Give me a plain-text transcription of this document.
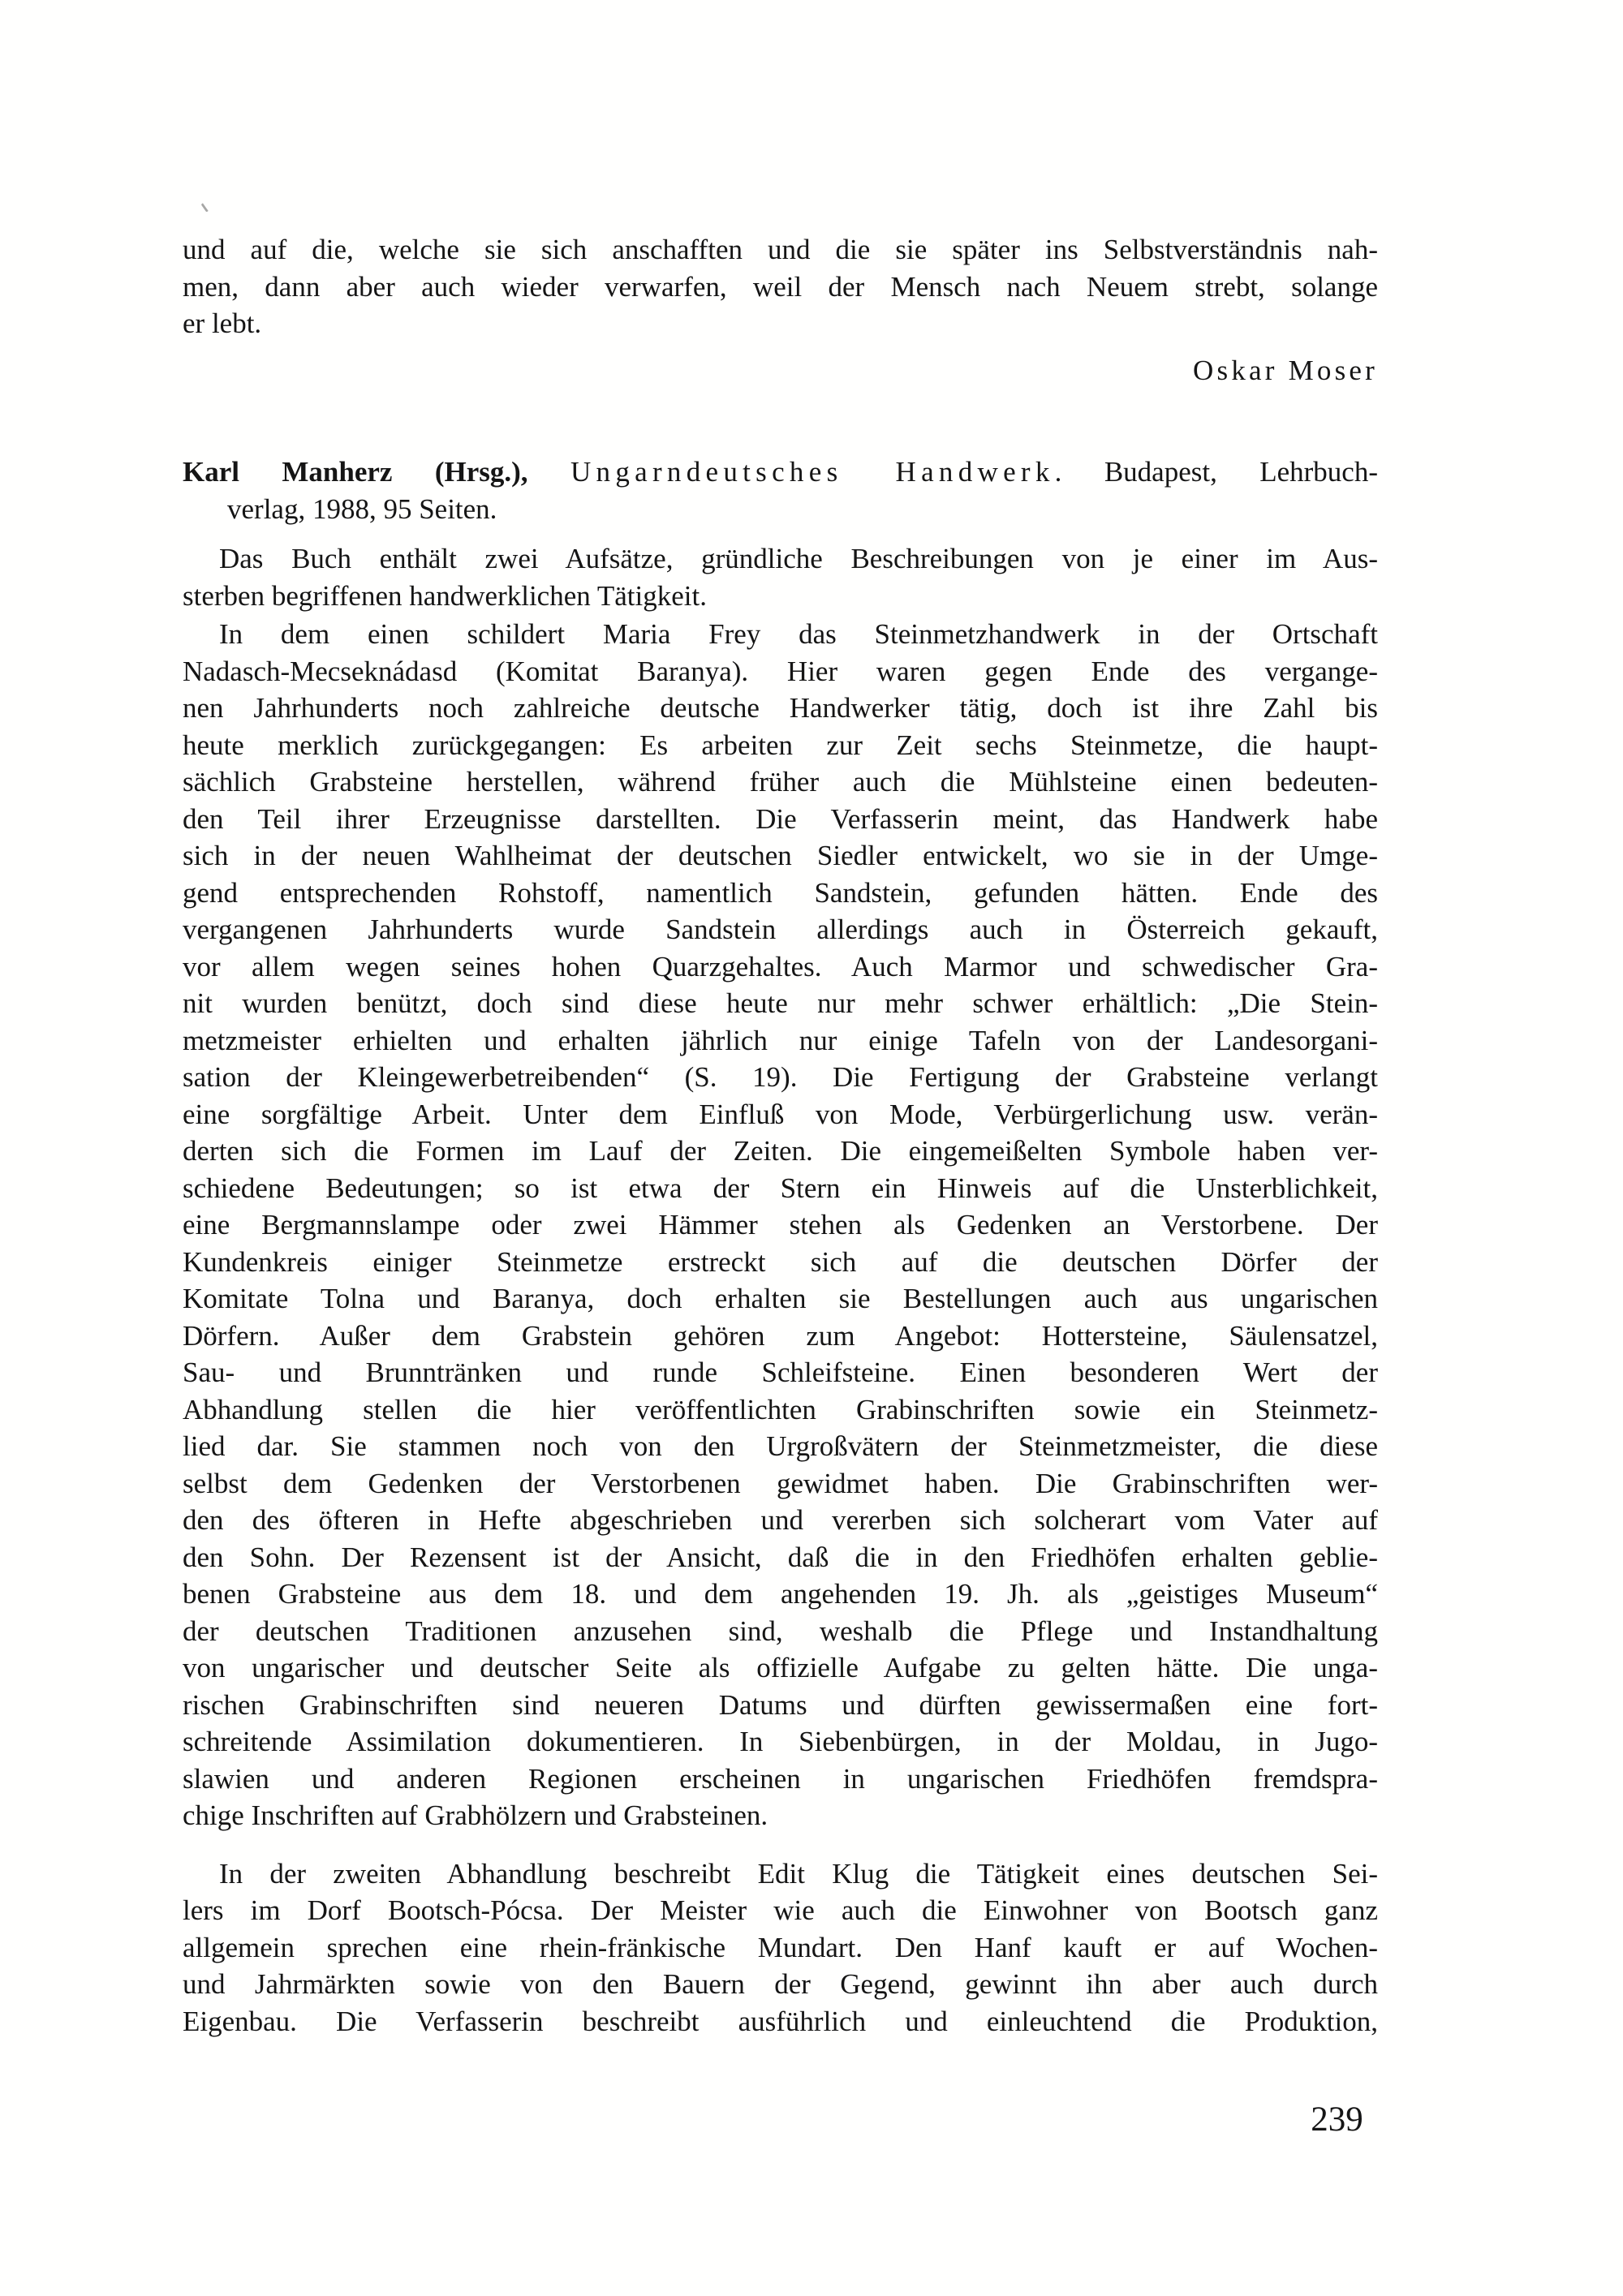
und auf die, welche sie sich anschafften und die sie später ins Selbstverständnis nah-
men, dann aber auch wieder verwarfen, weil der Mensch nach Neuem strebt, solange
er lebt.
Oskar Moser
Karl Manherz (Hrsg.), Ungarndeutsches Handwerk. Budapest, Lehrbuch-
verlag, 1988, 95 Seiten.
Das Buch enthält zwei Aufsätze, gründliche Beschreibungen von je einer im Aus-
sterben begriffenen handwerklichen Tätigkeit.
In dem einen schildert Maria Frey das Steinmetzhandwerk in der Ortschaft
Nadasch-Mecseknádasd (Komitat Baranya). Hier waren gegen Ende des vergange-
nen Jahrhunderts noch zahlreiche deutsche Handwerker tätig, doch ist ihre Zahl bis
heute merklich zurückgegangen: Es arbeiten zur Zeit sechs Steinmetze, die haupt-
sächlich Grabsteine herstellen, während früher auch die Mühlsteine einen bedeuten-
den Teil ihrer Erzeugnisse darstellten. Die Verfasserin meint, das Handwerk habe
sich in der neuen Wahlheimat der deutschen Siedler entwickelt, wo sie in der Umge-
gend entsprechenden Rohstoff, namentlich Sandstein, gefunden hätten. Ende des
vergangenen Jahrhunderts wurde Sandstein allerdings auch in Österreich gekauft,
vor allem wegen seines hohen Quarzgehaltes. Auch Marmor und schwedischer Gra-
nit wurden benützt, doch sind diese heute nur mehr schwer erhältlich: „Die Stein-
metzmeister erhielten und erhalten jährlich nur einige Tafeln von der Landesorgani-
sation der Kleingewerbetreibenden“ (S. 19). Die Fertigung der Grabsteine verlangt
eine sorgfältige Arbeit. Unter dem Einfluß von Mode, Verbürgerlichung usw. verän-
derten sich die Formen im Lauf der Zeiten. Die eingemeißelten Symbole haben ver-
schiedene Bedeutungen; so ist etwa der Stern ein Hinweis auf die Unsterblichkeit,
eine Bergmannslampe oder zwei Hämmer stehen als Gedenken an Verstorbene. Der
Kundenkreis einiger Steinmetze erstreckt sich auf die deutschen Dörfer der
Komitate Tolna und Baranya, doch erhalten sie Bestellungen auch aus ungarischen
Dörfern. Außer dem Grabstein gehören zum Angebot: Hottersteine, Säulensatzel,
Sau- und Brunntränken und runde Schleifsteine. Einen besonderen Wert der
Abhandlung stellen die hier veröffentlichten Grabinschriften sowie ein Steinmetz-
lied dar. Sie stammen noch von den Urgroßvätern der Steinmetzmeister, die diese
selbst dem Gedenken der Verstorbenen gewidmet haben. Die Grabinschriften wer-
den des öfteren in Hefte abgeschrieben und vererben sich solcherart vom Vater auf
den Sohn. Der Rezensent ist der Ansicht, daß die in den Friedhöfen erhalten geblie-
benen Grabsteine aus dem 18. und dem angehenden 19. Jh. als „geistiges Museum“
der deutschen Traditionen anzusehen sind, weshalb die Pflege und Instandhaltung
von ungarischer und deutscher Seite als offizielle Aufgabe zu gelten hätte. Die unga-
rischen Grabinschriften sind neueren Datums und dürften gewissermaßen eine fort-
schreitende Assimilation dokumentieren. In Siebenbürgen, in der Moldau, in Jugo-
slawien und anderen Regionen erscheinen in ungarischen Friedhöfen fremdspra-
chige Inschriften auf Grabhölzern und Grabsteinen.
In der zweiten Abhandlung beschreibt Edit Klug die Tätigkeit eines deutschen Sei-
lers im Dorf Bootsch-Pócsa. Der Meister wie auch die Einwohner von Bootsch ganz
allgemein sprechen eine rhein-fränkische Mundart. Den Hanf kauft er auf Wochen-
und Jahrmärkten sowie von den Bauern der Gegend, gewinnt ihn aber auch durch
Eigenbau. Die Verfasserin beschreibt ausführlich und einleuchtend die Produktion,
239
